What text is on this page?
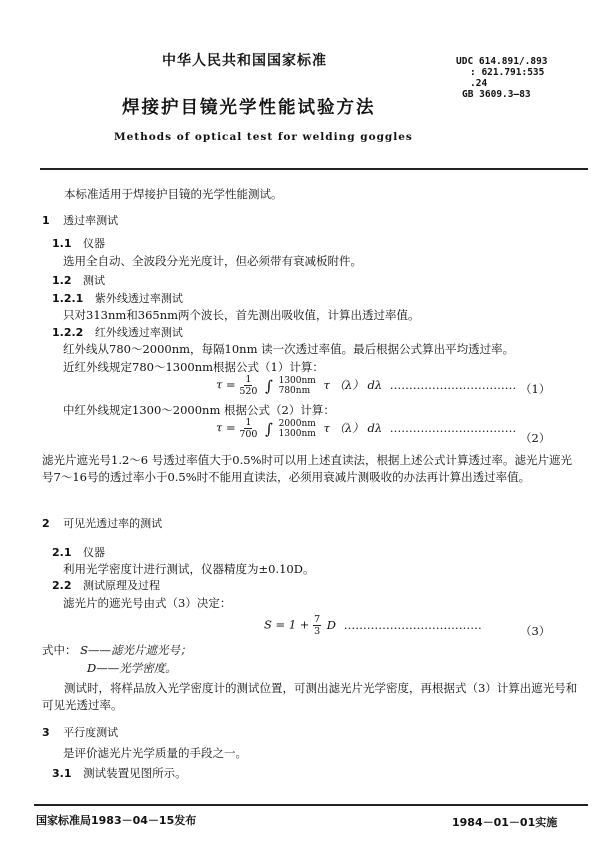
中华人民共和国国家标准	UDC 614.891/.893
: 621.791:535
.24
GB 3609.3—83
焊接护目镜光学性能试验方法
Methods of optical test for welding goggles
本标准适用于焊接护目镜的光学性能测试。
1 透过率测试
1.1 仪器
选用全自动、全波段分光光度计，但必须带有衰减板附件。
1.2 测试
1.2.1 紫外线透过率测试
只对313nm和365nm两个波长，首先测出吸收值，计算出透过率值。
1.2.2 红外线透过率测试
红外线从780～2000nm，每隔10nm 读一次透过率值。最后根据公式算出平均透过率。
近红外线规定780～1300nm根据公式（1）计算：
$\tau = \frac{1}{520}$ ∫ 1300nm
780nm	τ （λ） dλ …………………………… （1）
中红外线规定1300～2000nm 根据公式（2）计算：
$\tau = \frac{1}{700}$ ∫ 2000nm
1300nm τ （λ） dλ ……………………………
（2）
滤光片遮光号1.2～6 号透过率值大于0.5%时可以用上述直读法，根据上述公式计算透过率。滤光片遮光号7～16号的透过率小于0.5%时不能用直读法，必须用衰减片测吸收的办法再计算出透过率值。
2 可见光透过率的测试
2.1 仪器
利用光学密度计进行测试，仪器精度为±0.10D。
2.2 测试原理及过程
滤光片的遮光号由式（3）决定：
$S = 1 + \frac{7}{3}$ D ………………………………	（3）
式中： S——滤光片遮光号；
D——光学密度。
测试时，将样品放入光学密度计的测试位置，可测出滤光片光学密度，再根据式（3）计算出遮光号和可见光透过率。
3 平行度测试
是评价滤光片光学质量的手段之一。
3.1 测试装置见图所示。
国家标准局1983－04－15发布	1984－01－01实施
